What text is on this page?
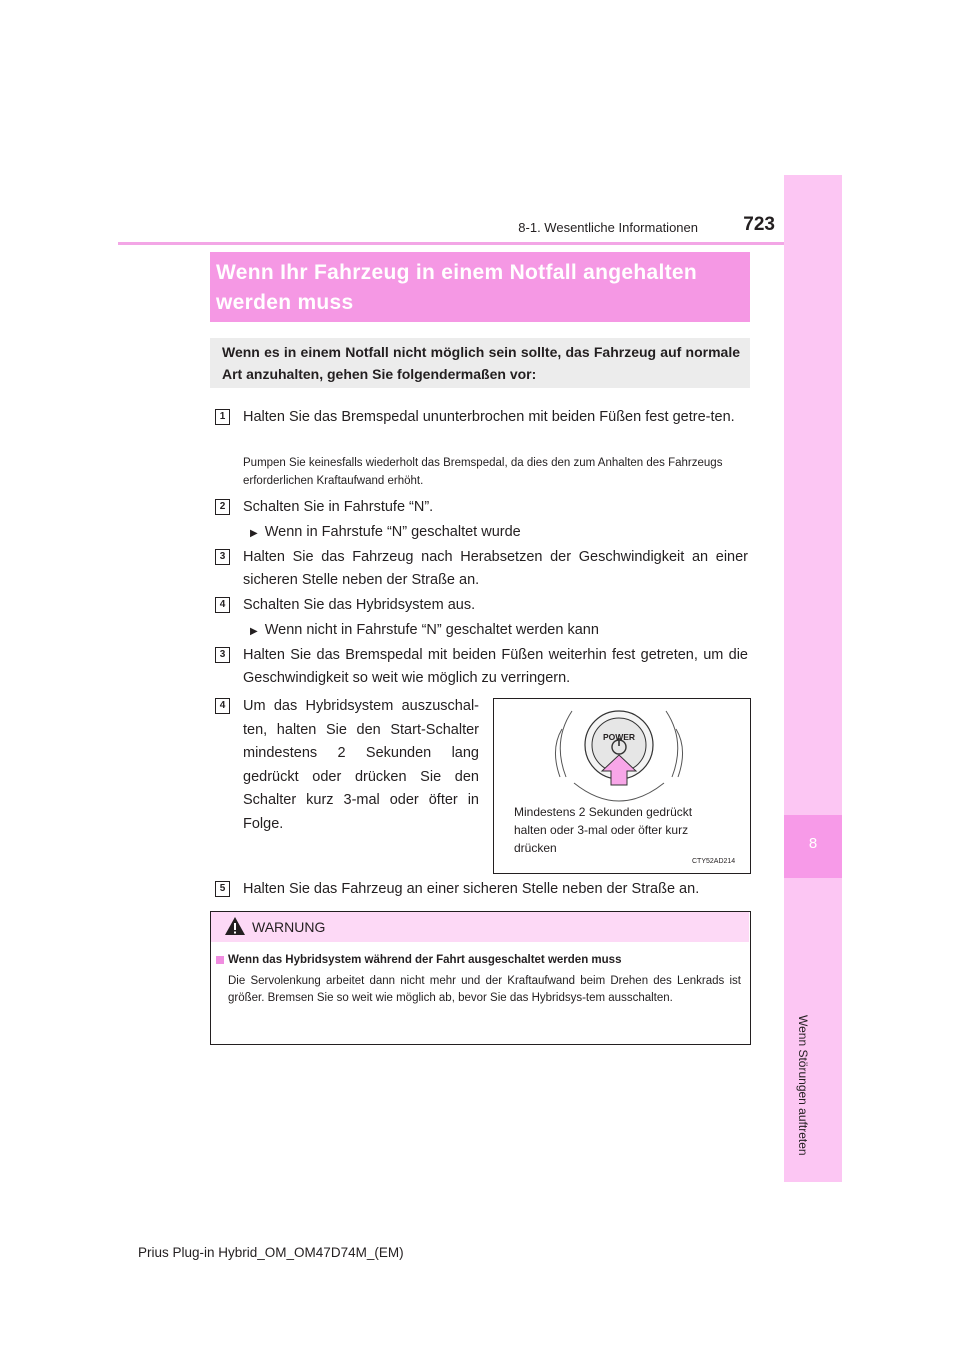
8
Wenn Störungen auftreten
8-1. Wesentliche Informationen	723
Wenn Ihr Fahrzeug in einem Notfall angehalten werden muss
Wenn es in einem Notfall nicht möglich sein sollte, das Fahrzeug auf normale Art anzuhalten, gehen Sie folgendermaßen vor:
1	Halten Sie das Bremspedal ununterbrochen mit beiden Füßen fest getre-ten.
Pumpen Sie keinesfalls wiederholt das Bremspedal, da dies den zum Anhalten des Fahrzeugs erforderlichen Kraftaufwand erhöht.
2	Schalten Sie in Fahrstufe “N”.
▶ Wenn in Fahrstufe “N” geschaltet wurde
3	Halten Sie das Fahrzeug nach Herabsetzen der Geschwindigkeit an einer sicheren Stelle neben der Straße an.
4	Schalten Sie das Hybridsystem aus.
▶ Wenn nicht in Fahrstufe “N” geschaltet werden kann
3	Halten Sie das Bremspedal mit beiden Füßen weiterhin fest getreten, um die Geschwindigkeit so weit wie möglich zu verringern.
4	Um das Hybridsystem auszuschal-ten, halten Sie den Start-Schalter mindestens 2 Sekunden lang gedrückt oder drücken Sie den Schalter kurz 3-mal oder öfter in Folge.
POWER
Mindestens 2 Sekunden gedrückt halten oder 3-mal oder öfter kurz drücken
CTY52AD214
5	Halten Sie das Fahrzeug an einer sicheren Stelle neben der Straße an.
WARNUNG
Wenn das Hybridsystem während der Fahrt ausgeschaltet werden muss
Die Servolenkung arbeitet dann nicht mehr und der Kraftaufwand beim Drehen des Lenkrads ist größer. Bremsen Sie so weit wie möglich ab, bevor Sie das Hybridsys-tem ausschalten.
Prius Plug-in Hybrid_OM_OM47D74M_(EM)
